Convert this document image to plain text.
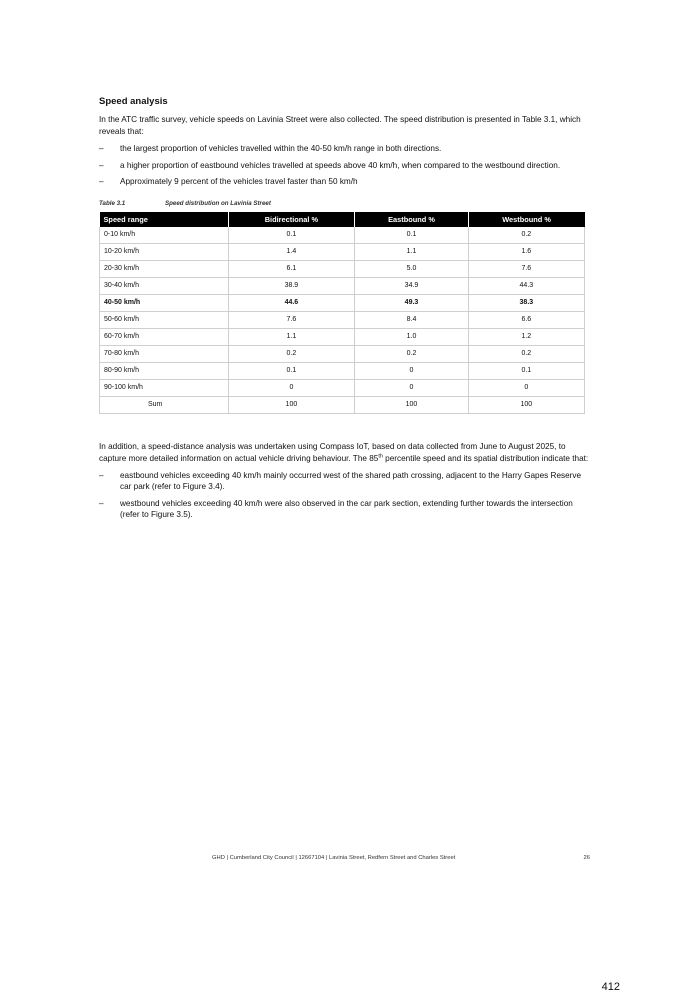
Speed analysis

In the ATC traffic survey, vehicle speeds on Lavinia Street were also collected. The speed distribution is presented in Table 3.1, which reveals that:

– the largest proportion of vehicles travelled within the 40-50 km/h range in both directions.
– a higher proportion of eastbound vehicles travelled at speeds above 40 km/h, when compared to the westbound direction.
– Approximately 9 percent of the vehicles travel faster than 50 km/h
Table 3.1	Speed distribution on Lavinia Street
Speed range	Bidirectional %	Eastbound %	Westbound %
0-10 km/h	0.1	0.1	0.2
10-20 km/h	1.4	1.1	1.6
20-30 km/h	6.1	5.0	7.6
30-40 km/h	38.9	34.9	44.3
40-50 km/h	44.6	49.3	38.3
50-60 km/h	7.6	8.4	6.6
60-70 km/h	1.1	1.0	1.2
70-80 km/h	0.2	0.2	0.2
80-90 km/h	0.1	0	0.1
90-100 km/h	0	0	0
Sum	100	100	100

In addition, a speed-distance analysis was undertaken using Compass IoT, based on data collected from June to August 2025, to capture more detailed information on actual vehicle driving behaviour. The 85th percentile speed and its spatial distribution indicate that:

– eastbound vehicles exceeding 40 km/h mainly occurred west of the shared path crossing, adjacent to the Harry Gapes Reserve car park (refer to Figure 3.4).
– westbound vehicles exceeding 40 km/h were also observed in the car park section, extending further towards the intersection (refer to Figure 3.5).
GHD | Cumberland City Council | 12667104 | Lavinia Street, Redfern Street and Charles Street	26
412
